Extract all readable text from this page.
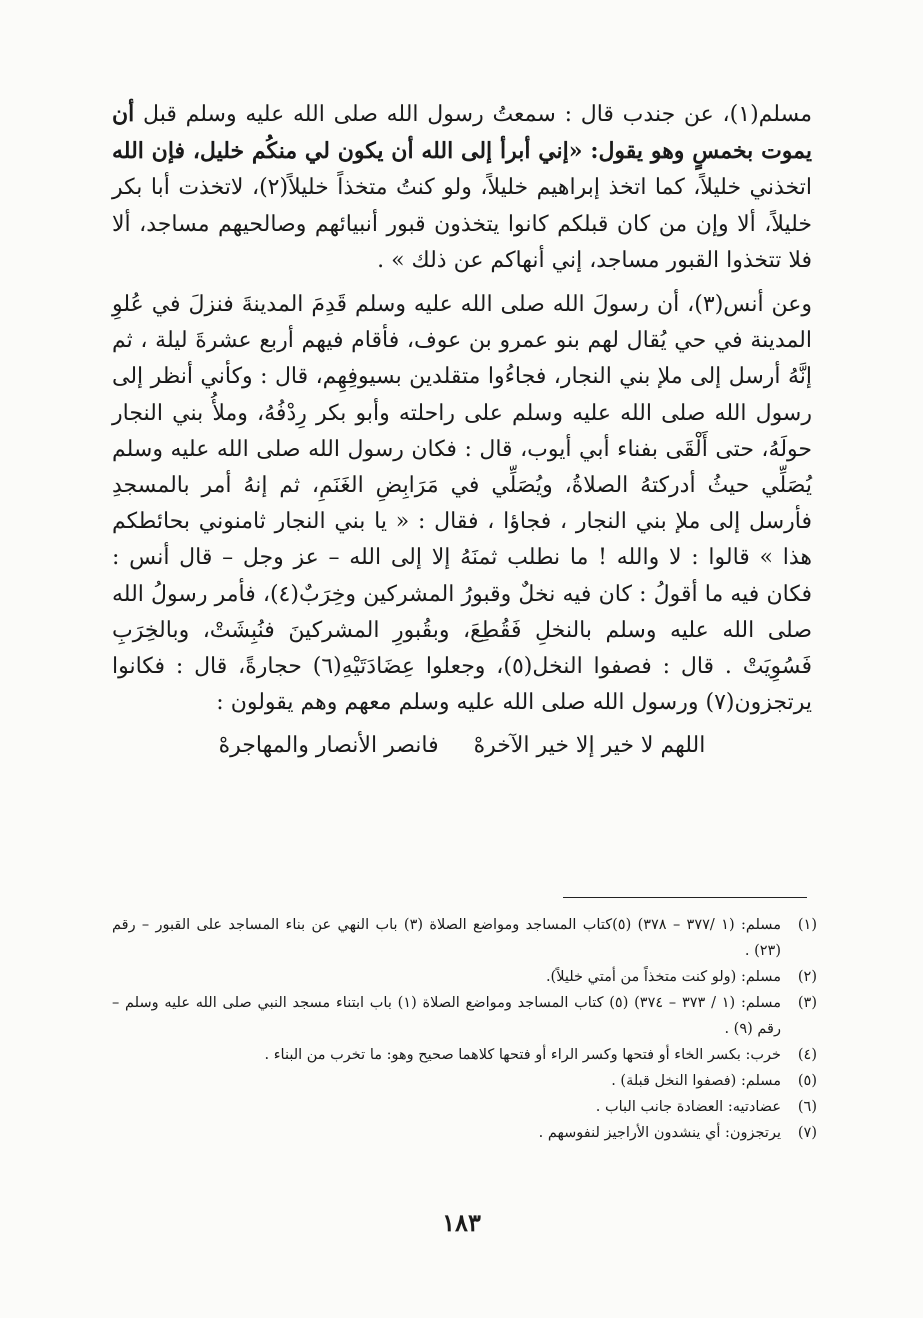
مسلم(١)، عن جندب قال : سمعتُ رسول الله صلى الله عليه وسلم قبل أن يموت بخمسٍ وهو يقول: «إني أبرأ إلى الله أن يكون لي منكُم خليل، فإن الله اتخذني خليلاً، كما اتخذ إبراهيم خليلاً، ولو كنتُ متخذاً خليلاً(٢)، لاتخذت أبا بكر خليلاً، ألا وإن من كان قبلكم كانوا يتخذون قبور أنبيائهم وصالحيهم مساجد، ألا فلا تتخذوا القبور مساجد، إني أنهاكم عن ذلك » .

وعن أنس(٣)، أن رسولَ الله صلى الله عليه وسلم قَدِمَ المدينةَ فنزلَ في عُلوِ المدينة في حي يُقال لهم بنو عمرو بن عوف، فأقام فيهم أربع عشرةَ ليلة ، ثم إنَّهُ أرسل إلى ملإ بني النجار، فجاءُوا متقلدين بسيوفِهِم، قال : وكأني أنظر إلى رسول الله صلى الله عليه وسلم على راحلته وأبو بكر رِدْفُهُ، وملأُ بني النجار حولَهُ، حتى أَلْقَى بفناء أبي أيوب، قال : فكان رسول الله صلى الله عليه وسلم يُصَلِّي حيثُ أدركتهُ الصلاةُ، ويُصَلِّي في مَرَابِضِ الغَنَمِ، ثم إنهُ أمر بالمسجدِ فأرسل إلى ملإ بني النجار ، فجاؤا ، فقال : « يا بني النجار ثامنوني بحائطكم هذا » قالوا : لا والله ! ما نطلب ثمنَهُ إلا إلى الله – عز وجل – قال أنس : فكان فيه ما أقولُ : كان فيه نخلٌ وقبورُ المشركين وخِرَبٌ(٤)، فأمر رسولُ الله صلى الله عليه وسلم بالنخلِ فَقُطِعَ، وبقُبورِ المشركينَ فنُبِشَتْ، وبالخِرَبِ فَسُوِيَتْ . قال : فصفوا النخل(٥)، وجعلوا عِضَادَتَيْهِ(٦) حجارةً، قال : فكانوا يرتجزون(٧) ورسول الله صلى الله عليه وسلم معهم وهم يقولون :

اللهم لا خير إلا خير الآخرهْ فانصر الأنصار والمهاجرهْ
(١)
مسلم: (١ /٣٧٧ – ٣٧٨) (٥)كتاب المساجد ومواضع الصلاة (٣) باب النهي عن بناء المساجد على القبور – رقم (٢٣) .
(٢)
مسلم: (ولو كنت متخذاً من أمتي خليلاً).
(٣)
مسلم: (١ / ٣٧٣ – ٣٧٤) (٥) كتاب المساجد ومواضع الصلاة (١) باب ابتناء مسجد النبي صلى الله عليه وسلم – رقم (٩) .
(٤)
خرب: بكسر الخاء أو فتحها وكسر الراء أو فتحها كلاهما صحيح وهو: ما تخرب من البناء .
(٥)
مسلم: (فصفوا النخل قبلة) .
(٦)
عضادتيه: العضادة جانب الباب .
(٧)
يرتجزون: أي ينشدون الأراجيز لنفوسهم .
١٨٣
